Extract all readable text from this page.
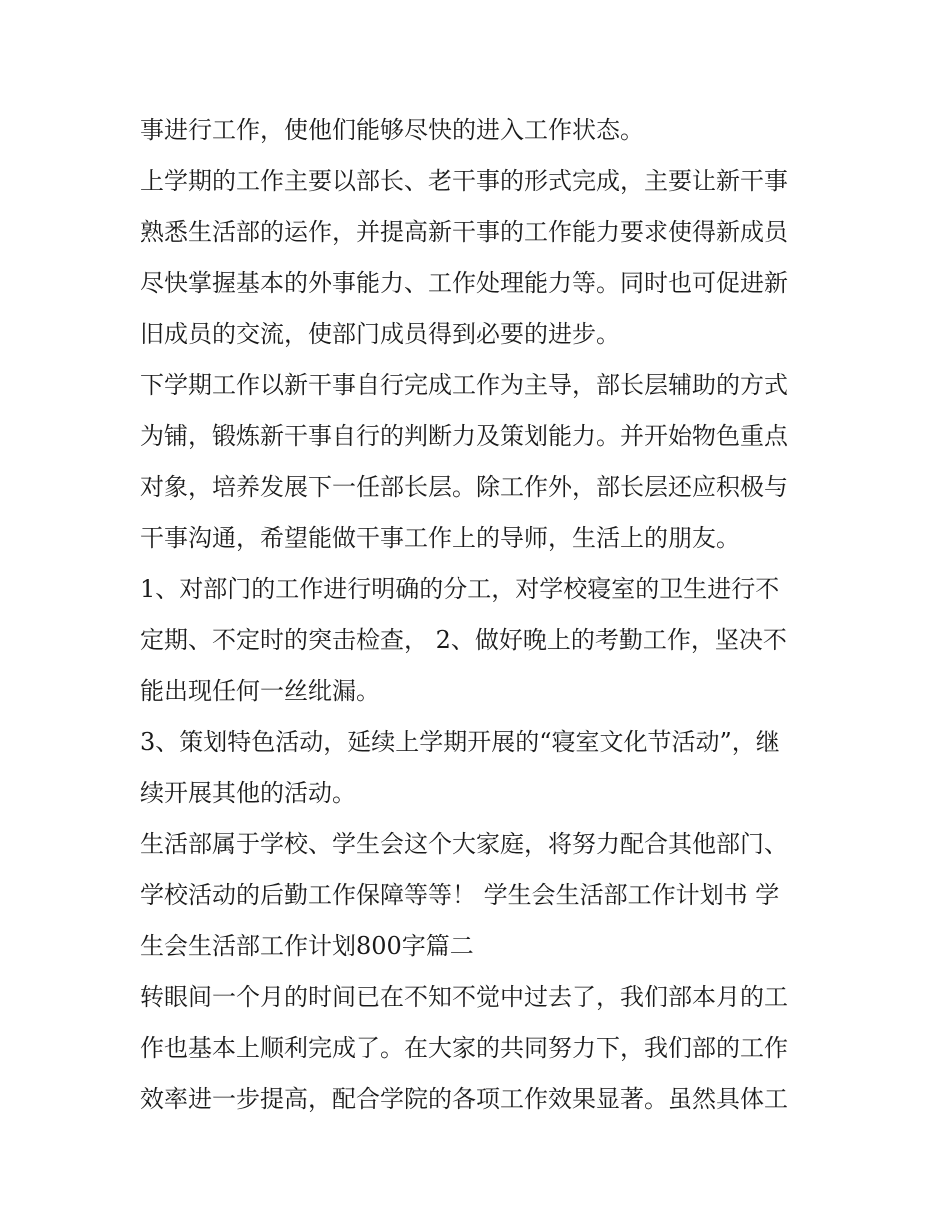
事进行工作，使他们能够尽快的进入工作状态。
上学期的工作主要以部长、老干事的形式完成，主要让新干事
熟悉生活部的运作，并提高新干事的工作能力要求使得新成员
尽快掌握基本的外事能力、工作处理能力等。同时也可促进新
旧成员的交流，使部门成员得到必要的进步。
下学期工作以新干事自行完成工作为主导，部长层辅助的方式
为铺，锻炼新干事自行的判断力及策划能力。并开始物色重点
对象，培养发展下一任部长层。除工作外，部长层还应积极与
干事沟通，希望能做干事工作上的导师，生活上的朋友。
1、对部门的工作进行明确的分工，对学校寝室的卫生进行不
定期、不定时的突击检查， 2、做好晚上的考勤工作，坚决不
能出现任何一丝纰漏。
3、策划特色活动，延续上学期开展的“寝室文化节活动”，继
续开展其他的活动。
生活部属于学校、学生会这个大家庭，将努力配合其他部门、
学校活动的后勤工作保障等等！ 学生会生活部工作计划书 学
生会生活部工作计划800字篇二
转眼间一个月的时间已在不知不觉中过去了，我们部本月的工
作也基本上顺利完成了。在大家的共同努力下，我们部的工作
效率进一步提高，配合学院的各项工作效果显著。虽然具体工
